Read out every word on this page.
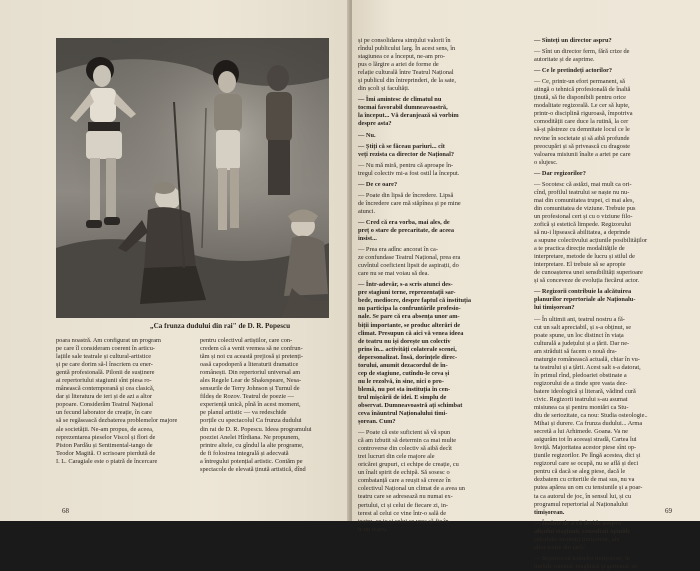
„Ca frunza dudului din rai" de D. R. Popescu
poara noastră. Am configurat un program
pe care îl consideram coerent în articu-
lațiile sale teatrale și cultural-artistice
și pe care dorim să-l înscriem cu ener-
gentă profesională. Pilonii de susținere
ai repertoriului stagiunii sînt piesa ro-
mânească contemporană și cea clasică,
dar și literatura de ieri și de azi a altor
popoare. Considerăm Teatrul Național
un fecund laborator de creație, în care
să se regăsească dezbaterea problemelor majore
ale societății. Ne-am propus, de aceea,
reprezentarea pieselor Viscol și flori de
Piston Pardău și Sentimental-tango de
Teodor Magită. O scrisoare pierdută de
I. L. Caragiale este o piatră de încercare
pentru colectivul artiștilor, care con-
credem că a venit vremea să ne confrun-
tăm și noi cu această prejiosă și pretenți-
oasă capodoperă a literaturii dramatice
românești. Din repertoriul universal am
ales Regele Lear de Shakespeare, Nesa-
sensurile de Terry Johnson și Turnul de
fildeș de Rozov. Teatrul de poezie —
experiență unică, pînă în acest moment,
pe planul artistic — va redeschide
porțile cu spectacolul Ca frunza dudului
din rai de D. R. Popescu. Ideea programului
poeziei Anelei Hîrdiana. Ne propunem,
printre altele, cu gîndul la alte programe,
de fi folosirea integrală și adecvată
a întregului potențial artistic. Contăm pe
spectacole de elevată ținută artistică, dînd
68
și pe consolidarea simțului valorii în
rîndul publicului larg. În acest sens, în
stagiunea ce a început, ne-am pro-
pus o lărgire a ariei de forme de
relație culturală între Teatrul Național
și publicul din întreprinderi, de la sate,
din școli și facultăți.

— Îmi amintesc de climatul nu
tocmai favorabil dumneavoastră,
la început... Vă deranjează să vorbim
despre asta?

— Nu.

— Știți că se făceau pariuri... cît
veți rezista ca director de Național?

— Nu mă miră, pentru că aproape în-
tregul colectiv mi-a fost ostil la început.

— De ce oare?

— Poate din lipsă de încredere. Lipsă
de încredere care mă stăpînea și pe mine
atunci.

— Cred că era vorba, mai ales, de
preț o stare de precaritate, de aceea
insist...

— Prea era adînc ancorat în ca-
ze confundase Teatrul Național, prea era
cuvîntul coeficient lipsit de aspirații, do
care nu se mai voiau să dea.

— Într-adevăr, s-a scris atunci des-
pre stagiuni terne, reprezentații sar-
bede, mediocre, despre faptul că instituția
nu participa la confruntările profesio-
nale. Se pare că era absența unor am-
biții importante, se produc alterări de
climat. Presupun că aici vă venea ideea
de teatru nu iși dorește un colectiv
prins în... activități colaterale scenei,
depersonalizat. Însă, dorințele direc-
torului, anumit dezacordul de în-
cep de stagiune, cutîndu-le ceva și
nu le rezolvă, în sine, nici o pro-
blemă, nu pot sta instituția în cen-
trul mișcării de idei. E simplu de
observat. Dumneavoastră ați schimbat
ceva înăuntrul Naționalului timi-
șorean. Cum?

— Poate că este suficient să vă spun
că am izbutit să determin ca mai multe
controverse din colectiv să aibă decît
trei lucruri din cele majore ale
oricărei grupuri, ci echipe de creație, cu
un înalt spirit de echipă. Să sosesc o
combatanță care a reușit să creeze în
colectivul Național un climat de a avea un
teatru care se adresează nu numai ex-
pertului, ci și celui de fiecare zi, in-
terest al celui ce vine într-o sală de
teatru, ce ic și celui ce vrea să fie în-
tr-un teatru.
— Sînteți un director aspru?

— Sînt un director ferm, fără crize de
autoritate și de asprime.

— Ce le pretindeți actorilor?

— Ce, printr-un efort permanent, să
atingă o tehnică profesională de înaltă
ținută, să fie disponibili pentru orice
modalitate regizorală. Le cer să lupte,
printr-o disciplină riguroasă, împotriva
comodității care duce la rutină, la cer
să-și păstreze cu demnitate locul ce le
revine în societate și să aibă profunde
preocupări și să privească cu dragoste
valoarea misiunii înalte a artei pe care
o slujesc.

— Dar regizorilor?

— Socotesc că astăzi, mai mult ca ori-
cînd, profilul teatrului se naște nu nu-
mai din comunitatea trupei, ci mai ales,
din comunitatea de viziune. Trebuie pus
un profesional cert și cu o viziune filo-
zofică și estetică limpede. Regizorului
să nu-i lipsească abilitatea, a deprinde
a supune colectivului acțiunile posibilităților
a te practica direcție modalitățile de
interpretare, metode de lucru și stilul de
interpretare. El trebuie să se apropie
de cunoașterea unei sensibilități superioare
și să conceveze de evoluția fiecărui actor.

— Regizorii contribuie la alcătuirea
planurilor repertoriale ale Naționalu-
lui timișorean?

— În ultimii ani, teatrul nostru a fă-
cut un salt apreciabil, și s-a obținut, se
poate spune, un loc distinct în viața
culturală a județului și a țării. Dar ne-
am străduit să facem o nouă dra-
maturgie românească actuală, chiar în vu-
ta teatrului și a țării. Acest salt s-a datorat,
în primul rînd, pledoariei obstinate a
regizorului de a tinde spre vasta dez-
batere ideologică și literară, vădind cură
civic. Regizorii teatrului s-au asumat
misiunea ca și pentru montări ca Stu-
diu de seriozitate, ca nou: Studia osteologie..
Mihai și durere. Ca frunza dudului... Arma
secretă a lui Arhimede. Goana. Va ne
asigurăm tot în aceeași stradă, Cartea lui
Ioviță. Majoritatea acestor piese sînt op-
țiunile regizorilor. Pe lîngă acestea, dici și
regizorul care se ocupă, nu se află și deci
pentru că dacă se aleg piese, dacă le
dezbatem cu criteriile de mai sus, nu va
putea apărea un om cu tensiunile și a poar-
ta ca autorul de joc, în sensul lui, și cu
programul repertorial al Naționalului
timișorean.

— Înainte de a vă decide asupra
afișului stagiunii, consultați opiniile
celorlalte instituții timișorene, ale
altor teatre din țară?

— Repertoriul teatrelor timișorene, în
limbile română, maghiară și germană, se
69
